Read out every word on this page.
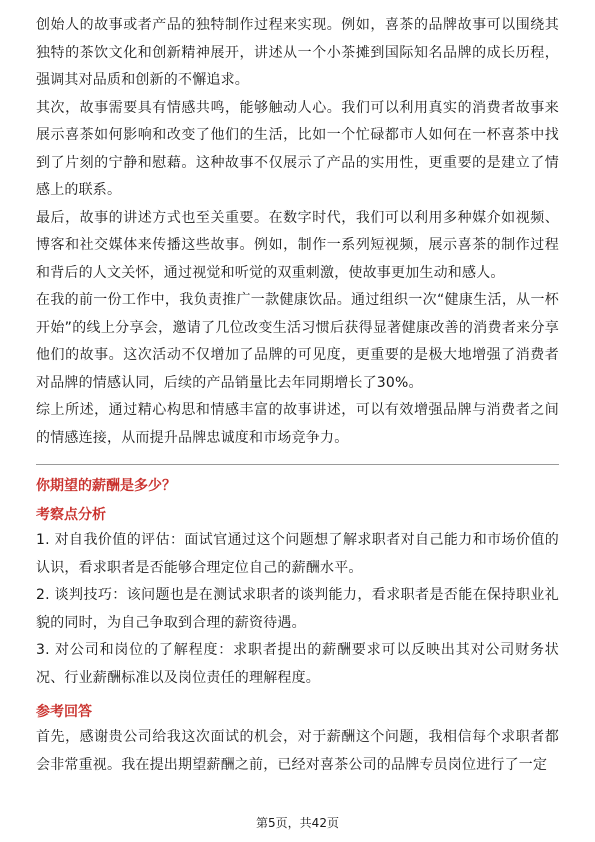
创始人的故事或者产品的独特制作过程来实现。例如，喜茶的品牌故事可以围绕其独特的茶饮文化和创新精神展开，讲述从一个小茶摊到国际知名品牌的成长历程，强调其对品质和创新的不懈追求。

其次，故事需要具有情感共鸣，能够触动人心。我们可以利用真实的消费者故事来展示喜茶如何影响和改变了他们的生活，比如一个忙碌都市人如何在一杯喜茶中找到了片刻的宁静和慰藉。这种故事不仅展示了产品的实用性，更重要的是建立了情感上的联系。

最后，故事的讲述方式也至关重要。在数字时代，我们可以利用多种媒介如视频、博客和社交媒体来传播这些故事。例如，制作一系列短视频，展示喜茶的制作过程和背后的人文关怀，通过视觉和听觉的双重刺激，使故事更加生动和感人。

在我的前一份工作中，我负责推广一款健康饮品。通过组织一次“健康生活，从一杯开始”的线上分享会，邀请了几位改变生活习惯后获得显著健康改善的消费者来分享他们的故事。这次活动不仅增加了品牌的可见度，更重要的是极大地增强了消费者对品牌的情感认同，后续的产品销量比去年同期增长了30%。

综上所述，通过精心构思和情感丰富的故事讲述，可以有效增强品牌与消费者之间的情感连接，从而提升品牌忠诚度和市场竞争力。

你期望的薪酬是多少？

考察点分析

1. 对自我价值的评估：面试官通过这个问题想了解求职者对自己能力和市场价值的认识，看求职者是否能够合理定位自己的薪酬水平。

2. 谈判技巧：该问题也是在测试求职者的谈判能力，看求职者是否能在保持职业礼貌的同时，为自己争取到合理的薪资待遇。

3. 对公司和岗位的了解程度：求职者提出的薪酬要求可以反映出其对公司财务状况、行业薪酬标准以及岗位责任的理解程度。

参考回答

首先，感谢贵公司给我这次面试的机会，对于薪酬这个问题，我相信每个求职者都会非常重视。我在提出期望薪酬之前，已经对喜茶公司的品牌专员岗位进行了一定

第5页，共42页
